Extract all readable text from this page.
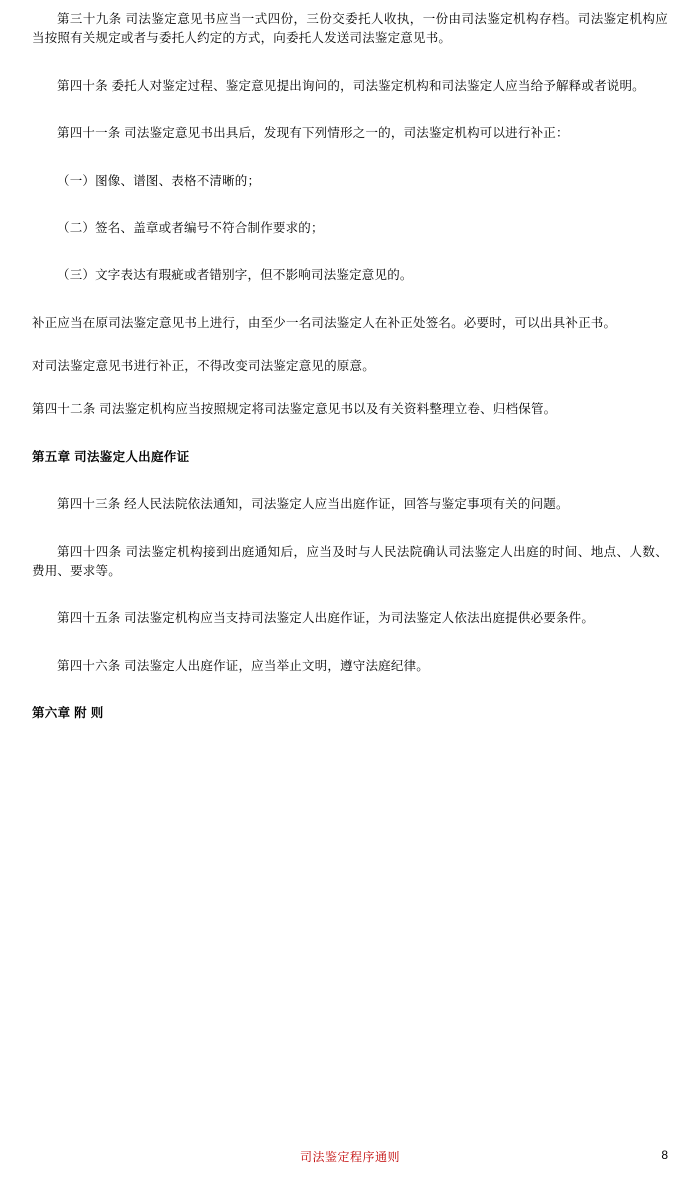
第三十九条 司法鉴定意见书应当一式四份，三份交委托人收执，一份由司法鉴定机构存档。司法鉴定机构应当按照有关规定或者与委托人约定的方式，向委托人发送司法鉴定意见书。

第四十条 委托人对鉴定过程、鉴定意见提出询问的，司法鉴定机构和司法鉴定人应当给予解释或者说明。

第四十一条 司法鉴定意见书出具后，发现有下列情形之一的，司法鉴定机构可以进行补正：

（一）图像、谱图、表格不清晰的；

（二）签名、盖章或者编号不符合制作要求的；

（三）文字表达有瑕疵或者错别字，但不影响司法鉴定意见的。

补正应当在原司法鉴定意见书上进行，由至少一名司法鉴定人在补正处签名。必要时，可以出具补正书。

对司法鉴定意见书进行补正，不得改变司法鉴定意见的原意。

第四十二条 司法鉴定机构应当按照规定将司法鉴定意见书以及有关资料整理立卷、归档保管。

第五章 司法鉴定人出庭作证

第四十三条 经人民法院依法通知，司法鉴定人应当出庭作证，回答与鉴定事项有关的问题。

第四十四条 司法鉴定机构接到出庭通知后，应当及时与人民法院确认司法鉴定人出庭的时间、地点、人数、费用、要求等。

第四十五条 司法鉴定机构应当支持司法鉴定人出庭作证，为司法鉴定人依法出庭提供必要条件。

第四十六条 司法鉴定人出庭作证，应当举止文明，遵守法庭纪律。

第六章 附 则

司法鉴定程序通则	8
